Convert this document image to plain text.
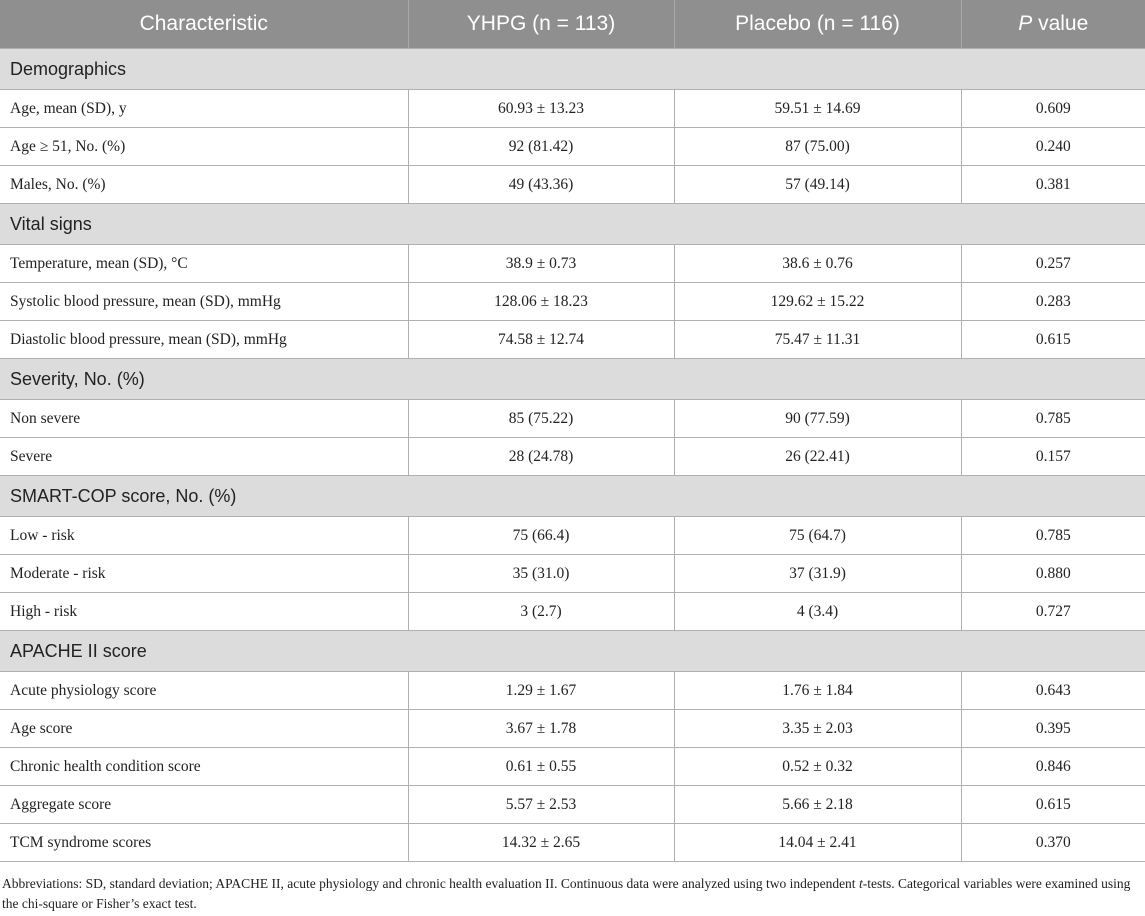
Characteristic	YHPG (n = 113)	Placebo (n = 116)	P value
Demographics			
Age, mean (SD), y	60.93 ± 13.23	59.51 ± 14.69	0.609
Age ≥ 51, No. (%)	92 (81.42)	87 (75.00)	0.240
Males, No. (%)	49 (43.36)	57 (49.14)	0.381
Vital signs			
Temperature, mean (SD), °C	38.9 ± 0.73	38.6 ± 0.76	0.257
Systolic blood pressure, mean (SD), mmHg	128.06 ± 18.23	129.62 ± 15.22	0.283
Diastolic blood pressure, mean (SD), mmHg	74.58 ± 12.74	75.47 ± 11.31	0.615
Severity, No. (%)			
Non severe	85 (75.22)	90 (77.59)	0.785
Severe	28 (24.78)	26 (22.41)	0.157
SMART-COP score, No. (%)			
Low - risk	75 (66.4)	75 (64.7)	0.785
Moderate - risk	35 (31.0)	37 (31.9)	0.880
High - risk	3 (2.7)	4 (3.4)	0.727
APACHE II score			
Acute physiology score	1.29 ± 1.67	1.76 ± 1.84	0.643
Age score	3.67 ± 1.78	3.35 ± 2.03	0.395
Chronic health condition score	0.61 ± 0.55	0.52 ± 0.32	0.846
Aggregate score	5.57 ± 2.53	5.66 ± 2.18	0.615
TCM syndrome scores	14.32 ± 2.65	14.04 ± 2.41	0.370
Abbreviations: SD, standard deviation; APACHE II, acute physiology and chronic health evaluation II. Continuous data were analyzed using two independent t-tests. Categorical variables were examined using the chi-square or Fisher’s exact test.
